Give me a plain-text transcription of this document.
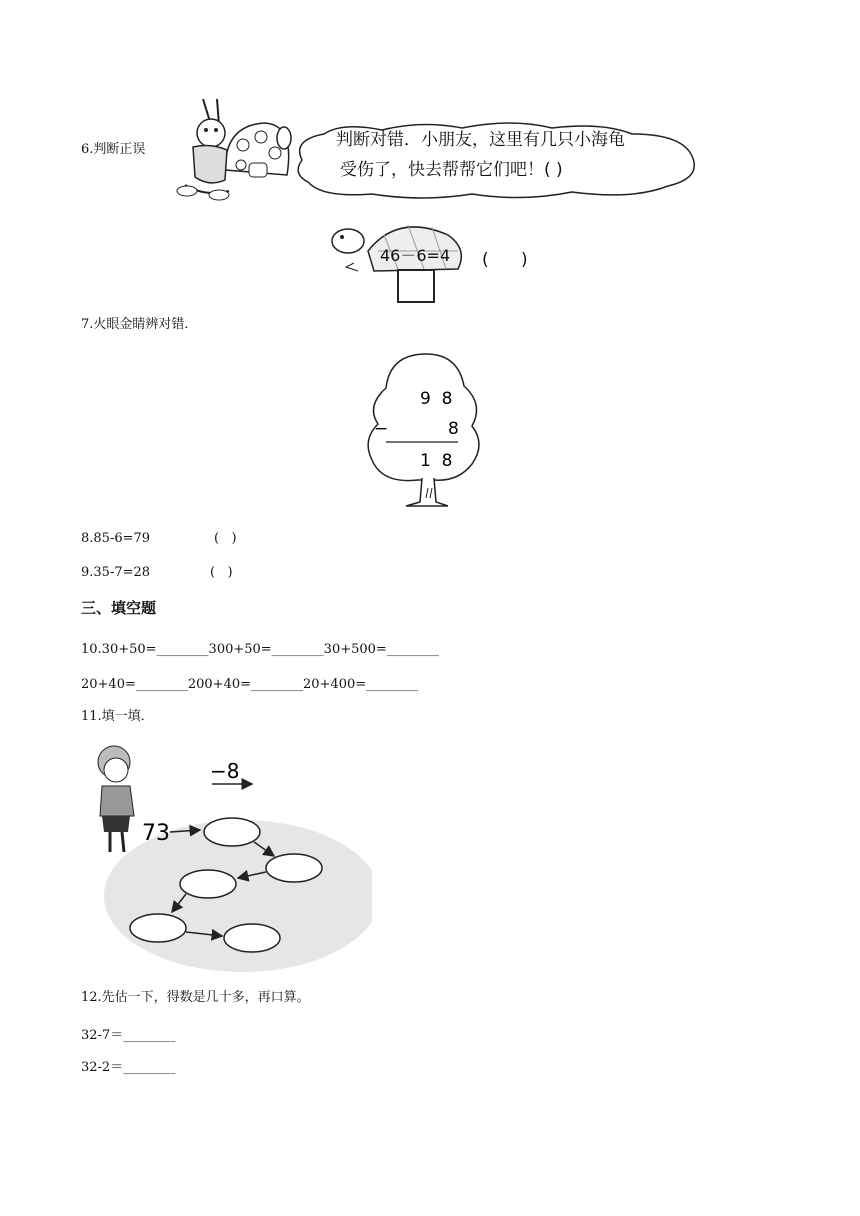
6.判断正误	判断对错．小朋友，这里有几只小海龟
受伤了，快去帮帮它们吧！( )
46－6=4 (      )
7.火眼金睛辨对错．
9  8
−	8
1  8
8.85-6=79	(   )
9.35-7=28	(   )
三、填空题
10.30+50=________300+50=________30+500=________
20+40=________200+40=________20+400=________
11.填一填．
−8
73
12.先估一下，得数是几十多，再口算。
32-7＝________
32-2＝________
